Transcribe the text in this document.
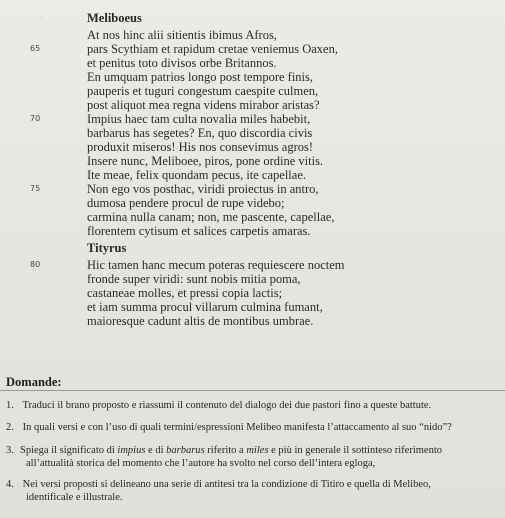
Meliboeus
·
At nos hinc alii sitientis ibimus Afros,
pars Scythiam et rapidum cretae veniemus Oaxen,
et penitus toto divisos orbe Britannos.
En umquam patrios longo post tempore finis,
pauperis et tuguri congestum caespite culmen,
post aliquot mea regna videns mirabor aristas?
Impius haec tam culta novalia miles habebit,
barbarus has segetes? En, quo discordia civis
produxit miseros! His nos consevimus agros!
Insere nunc, Meliboee, piros, pone ordine vitis.
Ite meae, felix quondam pecus, ite capellae.
Non ego vos posthac, viridi proiectus in antro,
dumosa pendere procul de rupe videbo;
carmina nulla canam; non, me pascente, capellae,
florentem cytisum et salices carpetis amaras.
Tityrus
Hic tamen hanc mecum poteras requiescere noctem
fronde super viridi: sunt nobis mitia poma,
castaneae molles, et pressi copia lactis;
et iam summa procul villarum culmina fumant,
maioresque cadunt altis de montibus umbrae.
65
70
75
80
Domande:
1. Traduci il brano proposto e riassumi il contenuto del dialogo dei due pastori fino a queste battute.
2. In quali versi e con l’uso di quali termini/espressioni Melibeo manifesta l’attaccamento al suo “nido”?
3. Spiega il significato di impius e di barbarus riferito a miles e più in generale il sottinteso riferimento
all’attualità storica del momento che l’autore ha svolto nel corso dell’intera egloga,
4. Nei versi proposti si delineano una serie di antitesi tra la condizione di Titiro e quella di Melibeo,
identificale e illustrale.
